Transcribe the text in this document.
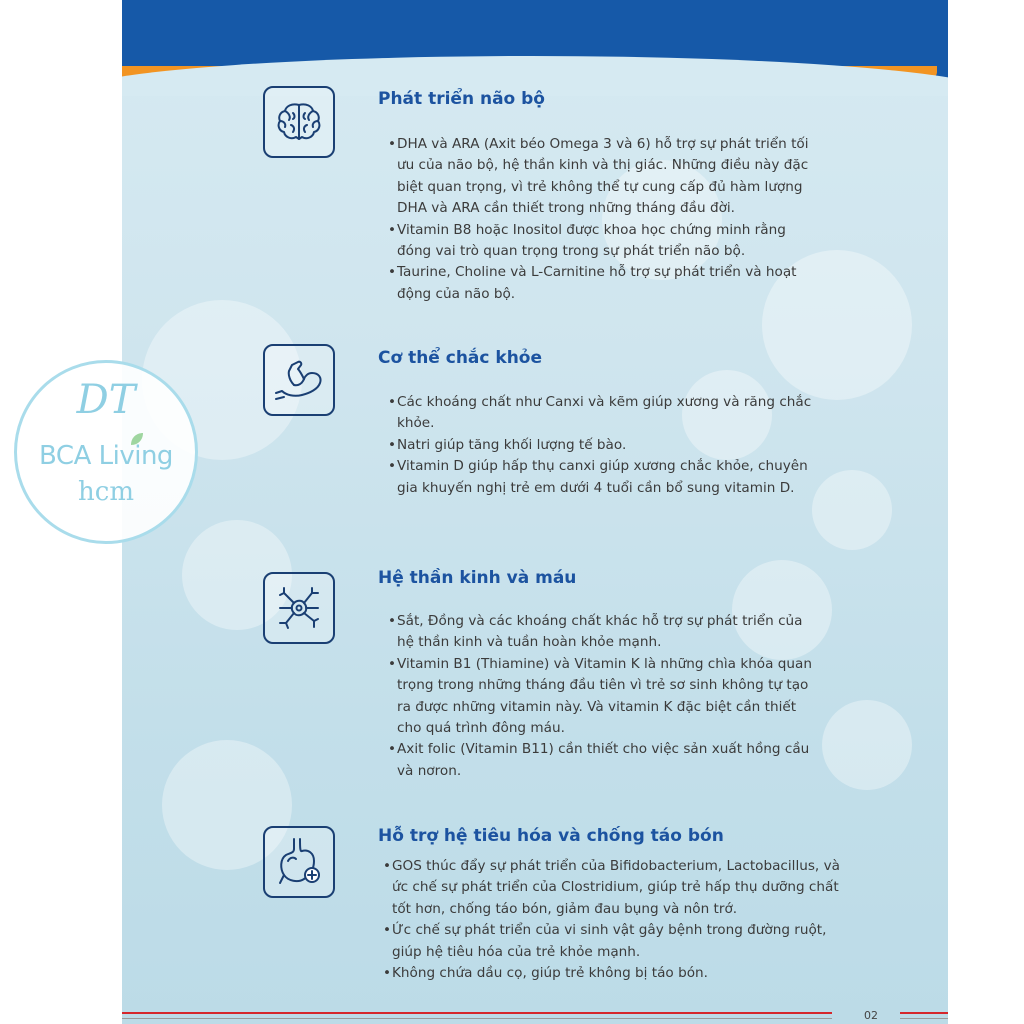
02
Phát triển não bộ
• DHA và ARA (Axit béo Omega 3 và 6) hỗ trợ sự phát triển tối ưu của não bộ, hệ thần kinh và thị giác. Những điều này đặc biệt quan trọng, vì trẻ không thể tự cung cấp đủ hàm lượng DHA và ARA cần thiết trong những tháng đầu đời.
• Vitamin B8 hoặc Inositol được khoa học chứng minh rằng đóng vai trò quan trọng trong sự phát triển não bộ.
• Taurine, Choline và L-Carnitine hỗ trợ sự phát triển và hoạt động của não bộ.
Cơ thể chắc khỏe
• Các khoáng chất như Canxi và kẽm giúp xương và răng chắc khỏe.
• Natri giúp tăng khối lượng tế bào.
• Vitamin D giúp hấp thụ canxi giúp xương chắc khỏe, chuyên gia khuyến nghị trẻ em dưới 4 tuổi cần bổ sung vitamin D.
Hệ thần kinh và máu
• Sắt, Đồng và các khoáng chất khác hỗ trợ sự phát triển của hệ thần kinh và tuần hoàn khỏe mạnh.
• Vitamin B1 (Thiamine) và Vitamin K là những chìa khóa quan trọng trong những tháng đầu tiên vì trẻ sơ sinh không tự tạo ra được những vitamin này. Và vitamin K đặc biệt cần thiết cho quá trình đông máu.
• Axit folic (Vitamin B11) cần thiết cho việc sản xuất hồng cầu và nơron.
Hỗ trợ hệ tiêu hóa và chống táo bón
• GOS thúc đẩy sự phát triển của Bifidobacterium, Lactobacillus, và ức chế sự phát triển của Clostridium, giúp trẻ hấp thụ dưỡng chất tốt hơn, chống táo bón, giảm đau bụng và nôn trớ.
• Ức chế sự phát triển của vi sinh vật gây bệnh trong đường ruột, giúp hệ tiêu hóa của trẻ khỏe mạnh.
• Không chứa dầu cọ, giúp trẻ không bị táo bón.
DT
BCA Living
hcm
